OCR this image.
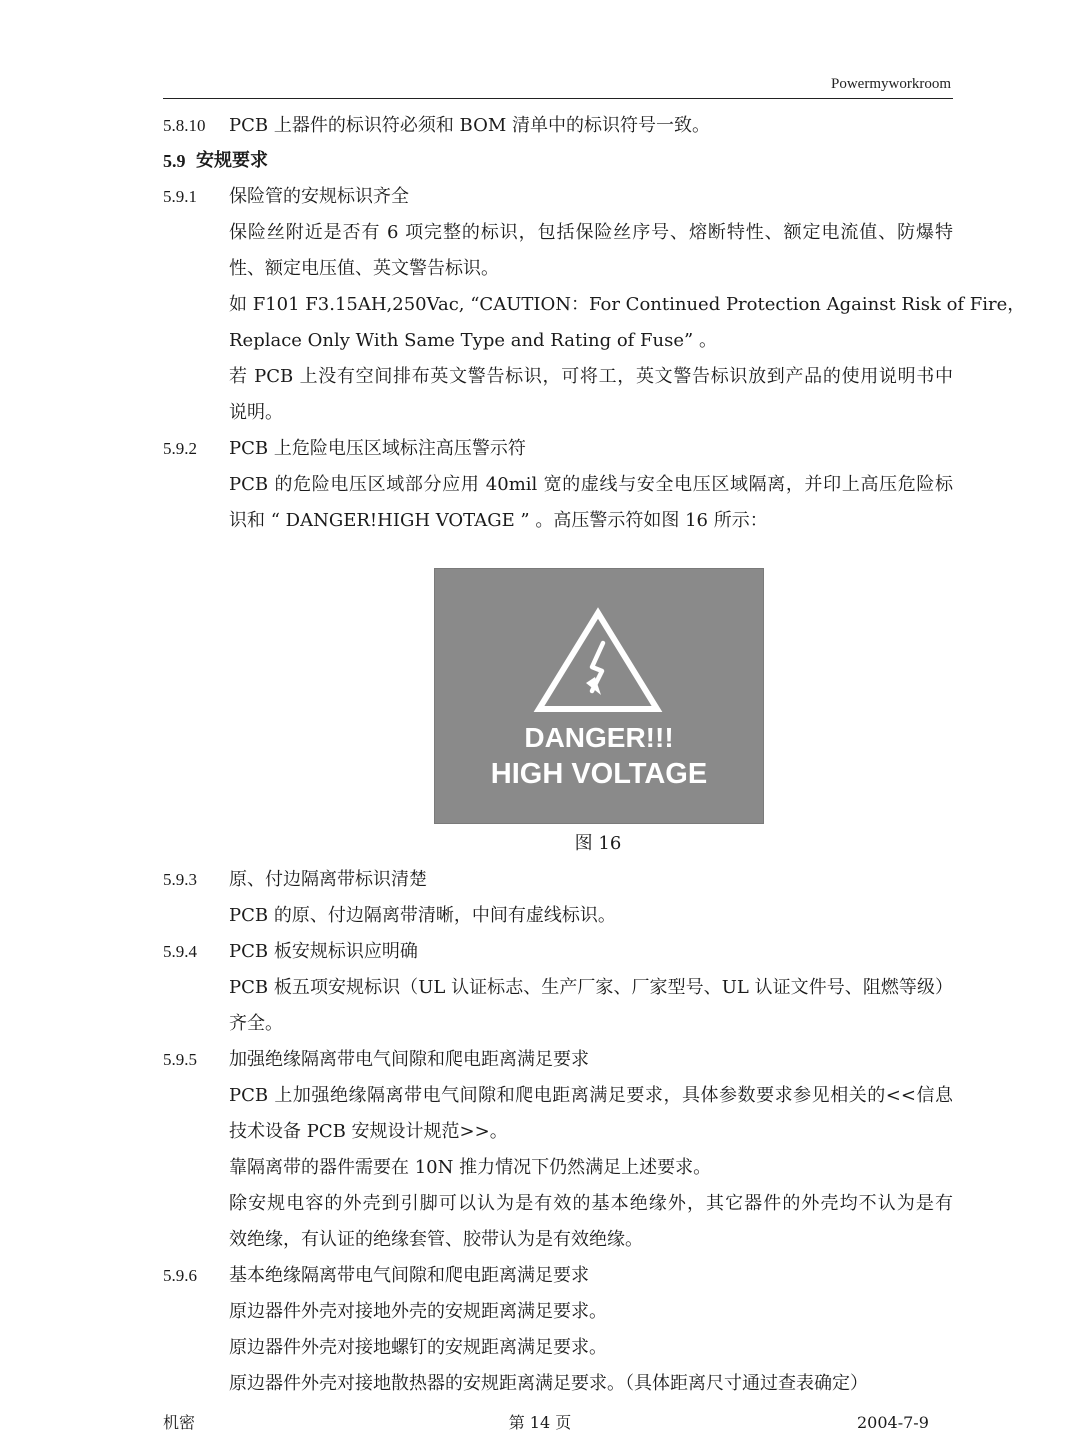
Powermyworkroom
5.8.10 PCB 上器件的标识符必须和 BOM 清单中的标识符号一致。
5.9 安规要求
5.9.1 保险管的安规标识齐全
保险丝附近是否有 6 项完整的标识，包括保险丝序号、熔断特性、额定电流值、防爆特
性、额定电压值、英文警告标识。
如 F101 F3.15AH,250Vac, “CAUTION：For Continued Protection Against Risk of Fire，
Replace Only With Same Type and Rating of Fuse” 。
若 PCB 上没有空间排布英文警告标识，可将工，英文警告标识放到产品的使用说明书中
说明。
5.9.2 PCB 上危险电压区域标注高压警示符
PCB 的危险电压区域部分应用 40mil 宽的虚线与安全电压区域隔离，并印上高压危险标
识和 “ DANGER!HIGH VOTAGE ” 。高压警示符如图 16 所示：
DANGER!!!
HIGH VOLTAGE
图 16
5.9.3 原、付边隔离带标识清楚
PCB 的原、付边隔离带清晰，中间有虚线标识。
5.9.4 PCB 板安规标识应明确
PCB 板五项安规标识（UL 认证标志、生产厂家、厂家型号、UL 认证文件号、阻燃等级）
齐全。
5.9.5 加强绝缘隔离带电气间隙和爬电距离满足要求
PCB 上加强绝缘隔离带电气间隙和爬电距离满足要求，具体参数要求参见相关的<<信息
技术设备 PCB 安规设计规范>>。
靠隔离带的器件需要在 10N 推力情况下仍然满足上述要求。
除安规电容的外壳到引脚可以认为是有效的基本绝缘外，其它器件的外壳均不认为是有
效绝缘，有认证的绝缘套管、胶带认为是有效绝缘。
5.9.6 基本绝缘隔离带电气间隙和爬电距离满足要求
原边器件外壳对接地外壳的安规距离满足要求。
原边器件外壳对接地螺钉的安规距离满足要求。
原边器件外壳对接地散热器的安规距离满足要求。（具体距离尺寸通过查表确定）
机密	第 14 页	2004-7-9
